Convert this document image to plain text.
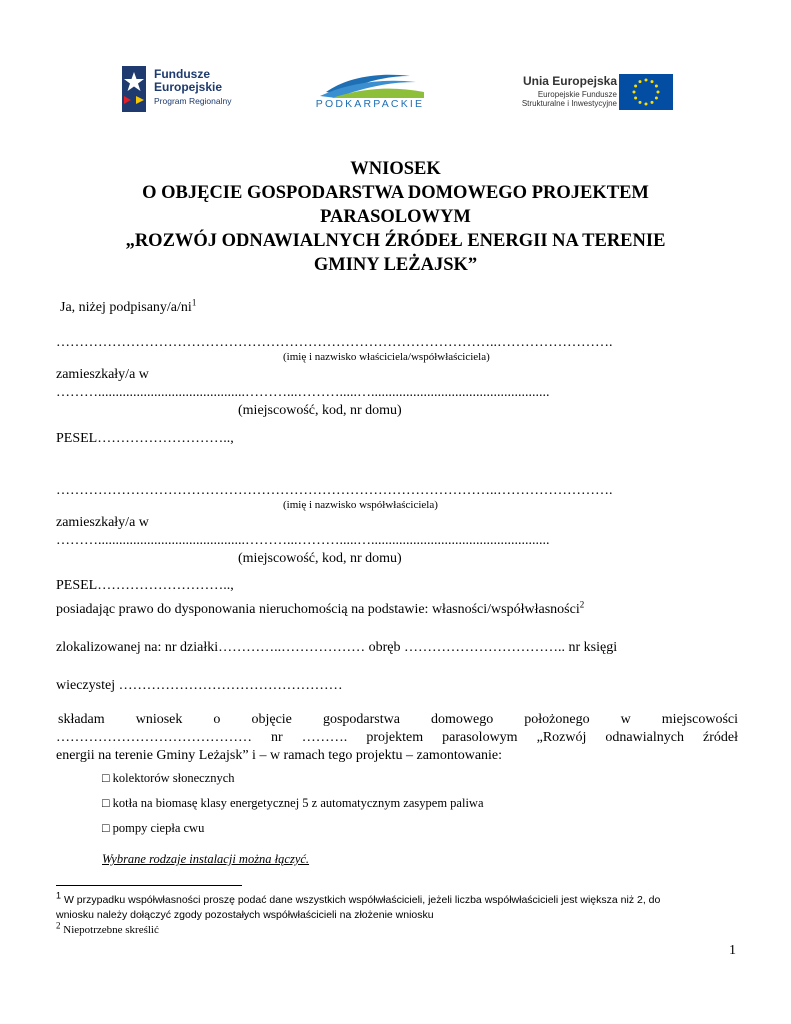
Fundusze
Europejskie
Program Regionalny	PODKARPACKIE
Unia Europejska
Europejskie Fundusze
Strukturalne i Inwestycyjne
WNIOSEK
O OBJĘCIE GOSPODARSTWA DOMOWEGO PROJEKTEM
PARASOLOWYM
„ROZWÓJ ODNAWIALNYCH ŹRÓDEŁ ENERGII NA TERENIE
GMINY LEŻAJSK”
Ja, niżej podpisany/$a/ni^1$
…………………………………………………………………………………..…………………….
(imię i nazwisko właściciela/współwłaściciela)
zamieszkały/a w
………..........................................………...……….....…...................................................
(miejscowość, kod, nr domu)
PESEL………………………..,
…………………………………………………………………………………..…………………….
(imię i nazwisko współwłaściciela)
zamieszkały/a w
………..........................................………...……….....…...................................................
(miejscowość, kod, nr domu)
PESEL………………………..,
posiadając prawo do dysponowania nieruchomością na podstawie: własności/współwłasności$^2$
zlokalizowanej na: nr działki…………..……………… obręb …………………………….. nr księgi
wieczystej …………………………………………
składam wniosek o objęcie gospodarstwa domowego położonego w miejscowości
…………………………………… nr ………. projektem parasolowym „Rozwój odnawialnych źródeł
energii na terenie Gminy Leżajsk” i – w ramach tego projektu – zamontowanie:
□ kolektorów słonecznych
□ kotła na biomasę klasy energetycznej 5 z automatycznym zasypem paliwa
□ pompy ciepła cwu
Wybrane rodzaje instalacji można łączyć.
$^1$ W przypadku współwłasności proszę podać dane wszystkich współwłaścicieli, jeżeli liczba współwłaścicieli jest większa niż 2, do
wniosku należy dołączyć zgody pozostałych współwłaścicieli na złożenie wniosku
$^2$ Niepotrzebne skreślić
1
